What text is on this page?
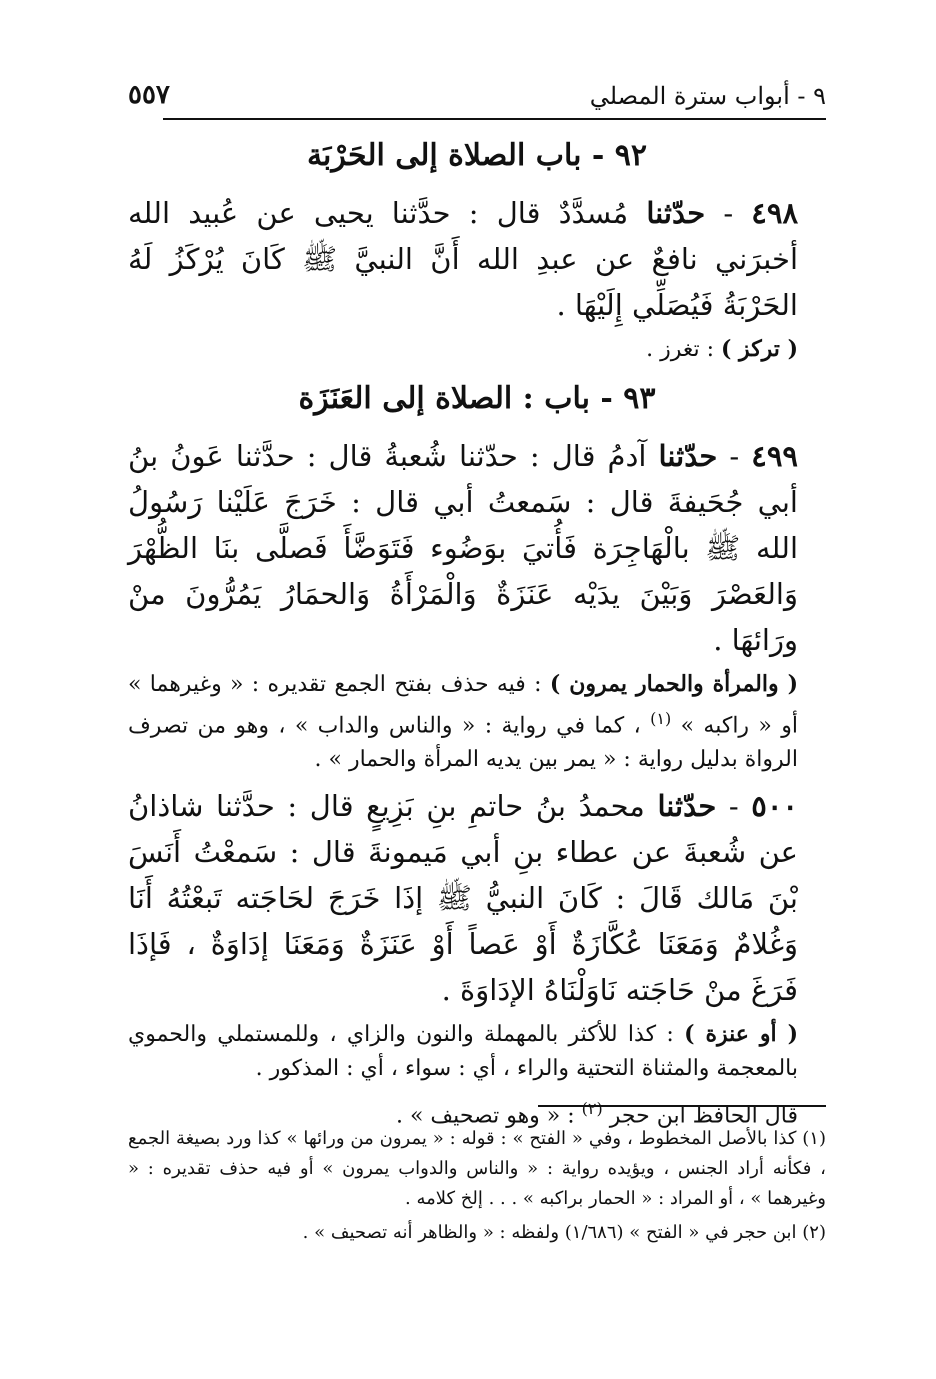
٥٥٧	٩ - أبواب سترة المصلي
٩٢ - باب الصلاة إلى الحَرْبَة

٤٩٨ - حدّثنا مُسدَّدٌ قال : حدَّثنا يحيى عن عُبيد الله أخبرَني نافعٌ عن عبدِ الله أَنَّ النبيَّ ﷺ كَانَ يُرْكَزُ لَهُ الحَرْبَةُ فَيُصَلِّي إِلَيْهَا .

( تركز ) : تغرز .

٩٣ - باب : الصلاة إلى العَنَزَة

٤٩٩ - حدّثنا آدمُ قال : حدّثنا شُعبةُ قال : حدَّثنا عَونُ بنُ أبي جُحَيفةَ قال : سَمعتُ أبي قال : خَرَجَ عَلَيْنا رَسُولُ الله ﷺ بالْهَاجِرَة فَأُتيَ بوَضُوء فَتَوَضَّأَ فَصلَّى بنَا الظُّهْرَ وَالعَصْرَ وَبَيْنَ يدَيْه عَنَزَةٌ وَالْمَرْأَةُ وَالحمَارُ يَمُرُّونَ منْ ورَائهَا .

( والمرأة والحمار يمرون ) : فيه حذف بفتح الجمع تقديره : « وغيرهما » أو « راكبه » $^{(١)}$ ، كما في رواية : « والناس والداب » ، وهو من تصرف الرواة بدليل رواية : « يمر بين يديه المرأة والحمار » .

٥٠٠ - حدّثنا محمدُ بنُ حاتمِ بنِ بَزِيعٍ قال : حدَّثنا شاذانُ عن شُعبةَ عن عطاء بنِ أبي مَيمونةَ قال : سَمعْتُ أَنَسَ بْنَ مَالك قَالَ : كَانَ النبيُّ ﷺ إذَا خَرَجَ لحَاجَته تَبعْتُهُ أَنَا وَغُلامٌ وَمَعَنَا عُكَّازَةٌ أَوْ عَصاً أَوْ عَنَزَةٌ وَمَعَنَا إدَاوَةٌ ، فَإذَا فَرَغَ منْ حَاجَته نَاوَلْنَاهُ الإدَاوَةَ .

( أو عنزة ) : كذا للأكثر بالمهملة والنون والزاي ، وللمستملي والحموي بالمعجمة والمثناة التحتية والراء ، أي : سواء ، أي : المذكور .

قال الحافظ ابن حجر $^{(٢)}$ : « وهو تصحيف » .

(١) كذا بالأصل المخطوط ، وفي « الفتح » : قوله : « يمرون من ورائها » كذا ورد بصيغة الجمع ، فكأنه أراد الجنس ، ويؤيده رواية : « والناس والدواب يمرون » أو فيه حذف تقديره : « وغيرهما » ، أو المراد : « الحمار براكبه » . . . إلخ كلامه .

(٢) ابن حجر في « الفتح » (١/٦٨٦) ولفظه : « والظاهر أنه تصحيف » .
